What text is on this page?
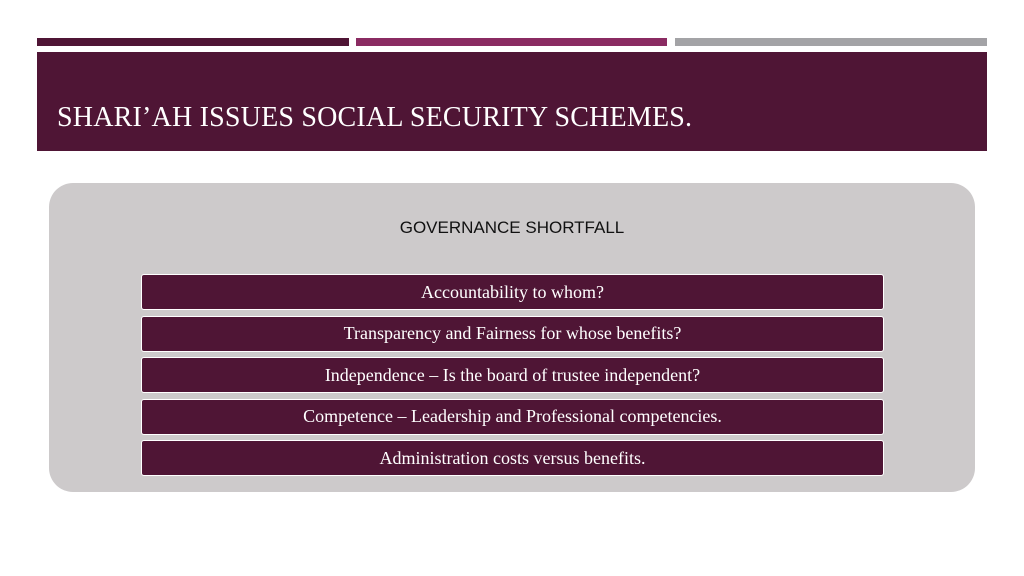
SHARI’AH ISSUES SOCIAL SECURITY SCHEMES.
GOVERNANCE SHORTFALL
Accountability to whom?
Transparency and Fairness for whose benefits?
Independence – Is the board of trustee independent?
Competence – Leadership and Professional competencies.
Administration costs versus benefits.
